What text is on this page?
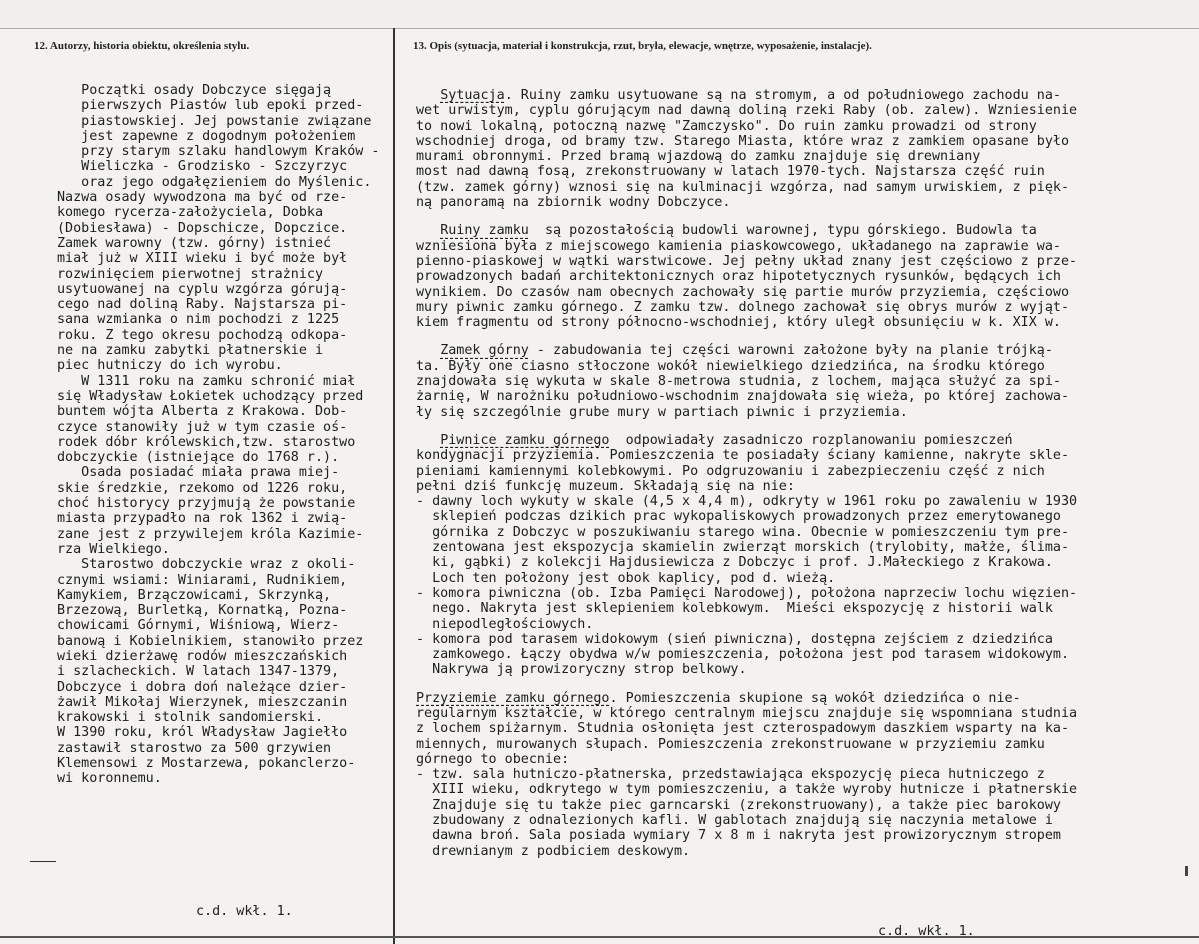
12. Autorzy, historia obiektu, określenia stylu.	13. Opis (sytuacja, materiał i konstrukcja, rzut, bryła, elewacje, wnętrze, wyposażenie, instalacje).
Początki osady Dobczyce sięgają
pierwszych Piastów lub epoki przed-
piastowskiej. Jej powstanie związane
jest zapewne z dogodnym położeniem
przy starym szlaku handlowym Kraków -
Wieliczka - Grodzisko - Szczyrzyc
oraz jego odgałęzieniem do Myślenic.
Nazwa osady wywodzona ma być od rze-
komego rycerza-założyciela, Dobka
(Dobiesława) - Dopschicze, Dopczice.
Zamek warowny (tzw. górny) istnieć
miał już w XIII wieku i być może był
rozwinięciem pierwotnej strażnicy
usytuowanej na cyplu wzgórza górują-
cego nad doliną Raby. Najstarsza pi-
sana wzmianka o nim pochodzi z 1225
roku. Z tego okresu pochodzą odkopa-
ne na zamku zabytki płatnerskie i
piec hutniczy do ich wyrobu.
W 1311 roku na zamku schronić miał
się Władysław Łokietek uchodzący przed
buntem wójta Alberta z Krakowa. Dob-
czyce stanowiły już w tym czasie oś-
rodek dóbr królewskich,tzw. starostwo
dobczyckie (istniejące do 1768 r.).
Osada posiadać miała prawa miej-
skie średzkie, rzekomo od 1226 roku,
choć historycy przyjmują że powstanie
miasta przypadło na rok 1362 i zwią-
zane jest z przywilejem króla Kazimie-
rza Wielkiego.
Starostwo dobczyckie wraz z okoli-
cznymi wsiami: Winiarami, Rudnikiem,
Kamykiem, Brzączowicami, Skrzynką,
Brzezową, Burletką, Kornatką, Pozna-
chowicami Górnymi, Wiśniową, Wierz-
banową i Kobielnikiem, stanowiło przez
wieki dzierżawę rodów mieszczańskich
i szlacheckich. W latach 1347-1379,
Dobczyce i dobra doń należące dzier-
żawił Mikołaj Wierzynek, mieszczanin
krakowski i stolnik sandomierski.
W 1390 roku, król Władysław Jagiełło
zastawił starostwo za 500 grzywien
Klemensowi z Mostarzewa, pokanclerzo-
wi koronnemu.
Sytuacja. Ruiny zamku usytuowane są na stromym, a od południowego zachodu na-
wet urwistym, cyplu górującym nad dawną doliną rzeki Raby (ob. zalew). Wzniesienie
to nowi lokalną, potoczną nazwę "Zamczysko". Do ruin zamku prowadzi od strony
wschodniej droga, od bramy tzw. Starego Miasta, które wraz z zamkiem opasane było
murami obronnymi. Przed bramą wjazdową do zamku znajduje się drewniany
most nad dawną fosą, zrekonstruowany w latach 1970-tych. Najstarsza część ruin
(tzw. zamek górny) wznosi się na kulminacji wzgórza, nad samym urwiskiem, z pięk-
ną panoramą na zbiornik wodny Dobczyce.
Ruiny zamku  są pozostałością budowli warownej, typu górskiego. Budowla ta
wzniesiona była z miejscowego kamienia piaskowcowego, układanego na zaprawie wa-
pienno-piaskowej w wątki warstwicowe. Jej pełny układ znany jest częściowo z prze-
prowadzonych badań architektonicznych oraz hipotetycznych rysunków, będących ich
wynikiem. Do czasów nam obecnych zachowały się partie murów przyziemia, częściowo
mury piwnic zamku górnego. Z zamku tzw. dolnego zachował się obrys murów z wyjąt-
kiem fragmentu od strony północno-wschodniej, który uległ obsunięciu w k. XIX w.
Zamek górny - zabudowania tej części warowni założone były na planie trójką-
ta. Były one ciasno stłoczone wokół niewielkiego dziedzińca, na środku którego
znajdowała się wykuta w skale 8-metrowa studnia, z lochem, mająca służyć za spi-
żarnię, W narożniku południowo-wschodnim znajdowała się wieża, po której zachowa-
ły się szczególnie grube mury w partiach piwnic i przyziemia.
Piwnice zamku górnego  odpowiadały zasadniczo rozplanowaniu pomieszczeń
kondygnacji przyziemia. Pomieszczenia te posiadały ściany kamienne, nakryte skle-
pieniami kamiennymi kolebkowymi. Po odgruzowaniu i zabezpieczeniu część z nich
pełni dziś funkcję muzeum. Składają się na nie:
- dawny loch wykuty w skale (4,5 x 4,4 m), odkryty w 1961 roku po zawaleniu w 1930
sklepień podczas dzikich prac wykopaliskowych prowadzonych przez emerytowanego
górnika z Dobczyc w poszukiwaniu starego wina. Obecnie w pomieszczeniu tym pre-
zentowana jest ekspozycja skamielin zwierząt morskich (trylobity, małże, ślima-
ki, gąbki) z kolekcji Hajdusiewicza z Dobczyc i prof. J.Małeckiego z Krakowa.
Loch ten położony jest obok kaplicy, pod d. wieżą.
- komora piwniczna (ob. Izba Pamięci Narodowej), położona naprzeciw lochu więzien-
nego. Nakryta jest sklepieniem kolebkowym.  Mieści ekspozycję z historii walk
niepodległościowych.
- komora pod tarasem widokowym (sień piwniczna), dostępna zejściem z dziedzińca
zamkowego. Łączy obydwa w/w pomieszczenia, położona jest pod tarasem widokowym.
Nakrywa ją prowizoryczny strop belkowy.
Przyziemie zamku górnego. Pomieszczenia skupione są wokół dziedzińca o nie-
regularnym kształcie, w którego centralnym miejscu znajduje się wspomniana studnia
z lochem spiżarnym. Studnia osłonięta jest czterospadowym daszkiem wsparty na ka-
miennych, murowanych słupach. Pomieszczenia zrekonstruowane w przyziemiu zamku
górnego to obecnie:
- tzw. sala hutniczo-płatnerska, przedstawiająca ekspozycję pieca hutniczego z
XIII wieku, odkrytego w tym pomieszczeniu, a także wyroby hutnicze i płatnerskie
Znajduje się tu także piec garncarski (zrekonstruowany), a także piec barokowy
zbudowany z odnalezionych kafli. W gablotach znajdują się naczynia metalowe i
dawna broń. Sala posiada wymiary 7 x 8 m i nakryta jest prowizorycznym stropem
drewnianym z podbiciem deskowym.
c.d. wkł. 1.
c.d. wkł. 1.
